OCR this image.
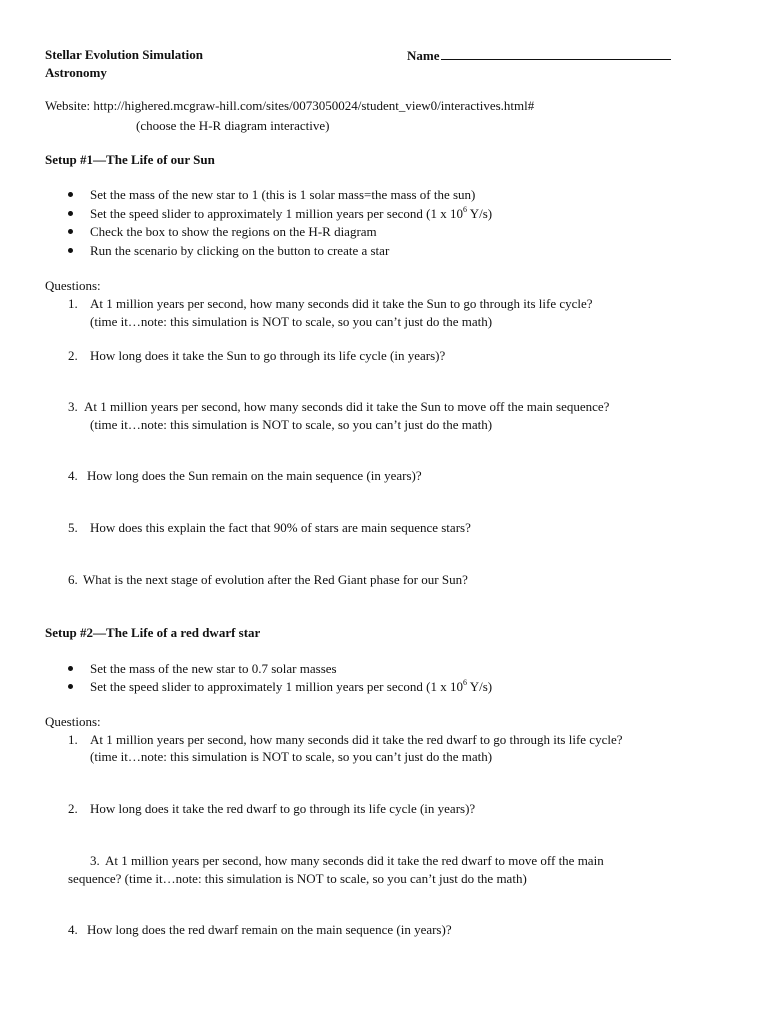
Stellar Evolution Simulation
Astronomy
Name
Website: http://highered.mcgraw-hill.com/sites/0073050024/student_view0/interactives.html#
(choose the H-R diagram interactive)
Setup #1—The Life of our Sun
Set the mass of the new star to 1 (this is 1 solar mass=the mass of the sun)
Set the speed slider to approximately 1 million years per second (1 x $10^6$ Y/s)
Check the box to show the regions on the H-R diagram
Run the scenario by clicking on the button to create a star
Questions:
1. At 1 million years per second, how many seconds did it take the Sun to go through its life cycle?
(time it…note: this simulation is NOT to scale, so you can’t just do the math)
2. How long does it take the Sun to go through its life cycle (in years)?
3. At 1 million years per second, how many seconds did it take the Sun to move off the main sequence?
(time it…note: this simulation is NOT to scale, so you can’t just do the math)
4. How long does the Sun remain on the main sequence (in years)?
5. How does this explain the fact that 90% of stars are main sequence stars?
6. What is the next stage of evolution after the Red Giant phase for our Sun?
Setup #2—The Life of a red dwarf star
Set the mass of the new star to 0.7 solar masses
Set the speed slider to approximately 1 million years per second (1 x $10^6$ Y/s)
Questions:
1. At 1 million years per second, how many seconds did it take the red dwarf to go through its life cycle?
(time it…note: this simulation is NOT to scale, so you can’t just do the math)
2. How long does it take the red dwarf to go through its life cycle (in years)?
3. At 1 million years per second, how many seconds did it take the red dwarf to move off the main
sequence? (time it…note: this simulation is NOT to scale, so you can’t just do the math)
4. How long does the red dwarf remain on the main sequence (in years)?
